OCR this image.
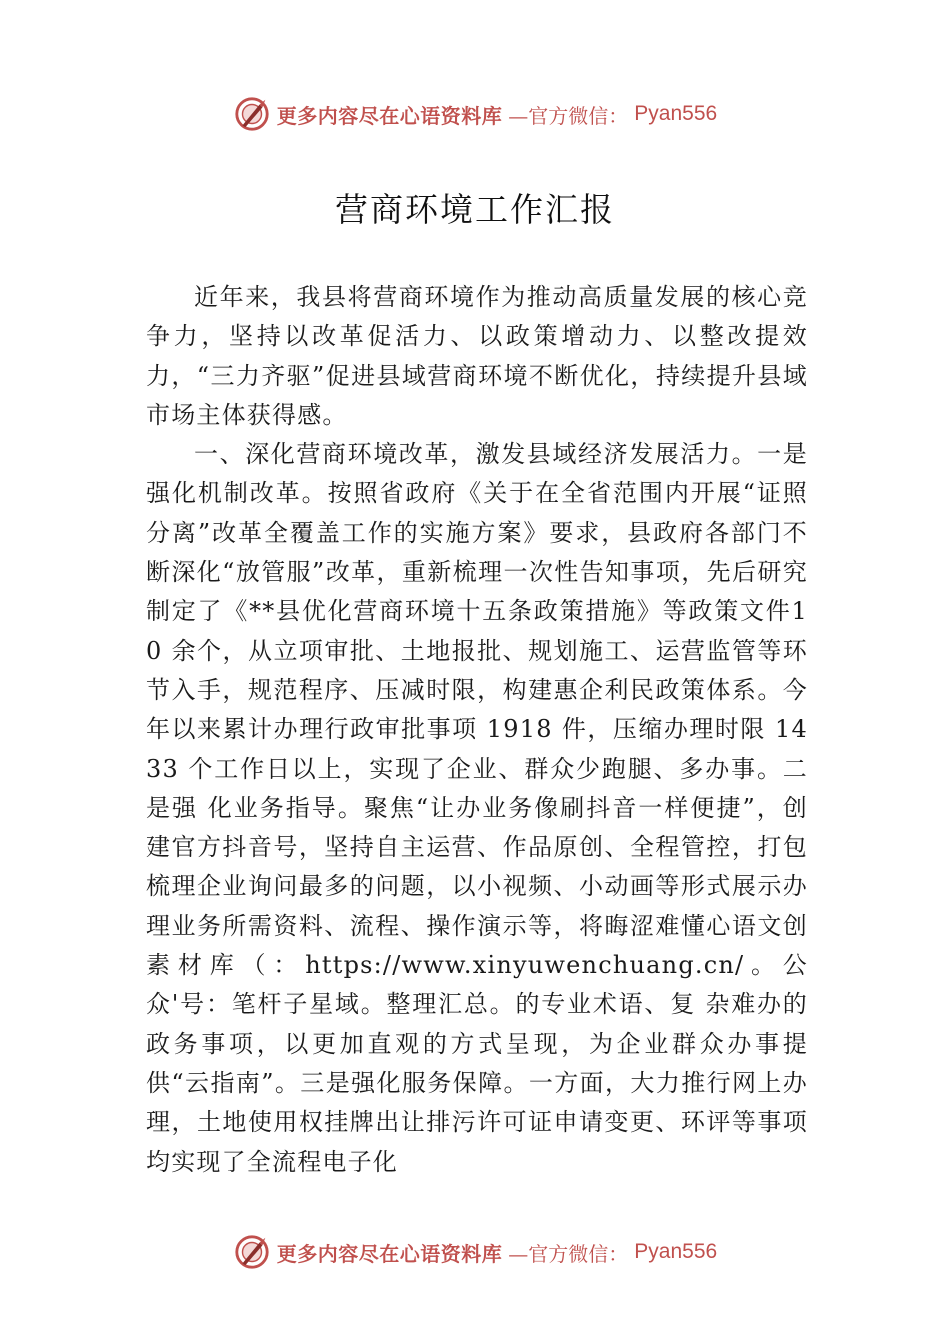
更多内容尽在心语资料库 —官方微信： Pyan556
营商环境工作汇报

近年来，我县将营商环境作为推动高质量发展的核心竞争力，坚持以改革促活力、以政策增动力、以整改提效力，“三力齐驱”促进县域营商环境不断优化，持续提升县域市场主体获得感。

一、深化营商环境改革，激发县域经济发展活力。一是强化机制改革。按照省政府《关于在全省范围内开展“证照分离”改革全覆盖工作的实施方案》要求，县政府各部门不断深化“放管服”改革，重新梳理一次性告知事项，先后研究制定了《**县优化营商环境十五条政策措施》等政策文件10 余个，从立项审批、土地报批、规划施工、运营监管等环节入手，规范程序、压减时限，构建惠企利民政策体系。今年以来累计办理行政审批事项 1918 件，压缩办理时限 1433 个工作日以上，实现了企业、群众少跑腿、多办事。二是强 化业务指导。聚焦“让办业务像刷抖音一样便捷”，创建官方抖音号，坚持自主运营、作品原创、全程管控，打包梳理企业询问最多的问题，以小视频、小动画等形式展示办理业务所需资料、流程、操作演示等，将晦涩难懂心语文创素材库（：https://www.xinyuwenchuang.cn/。公众'号：笔杆子星域。整理汇总。的专业术语、复 杂难办的政务事项，以更加直观的方式呈现，为企业群众办事提供“云指南”。三是强化服务保障。一方面，大力推行网上办理，土地使用权挂牌出让排污许可证申请变更、环评等事项均实现了全流程电子化

更多内容尽在心语资料库 —官方微信： Pyan556
